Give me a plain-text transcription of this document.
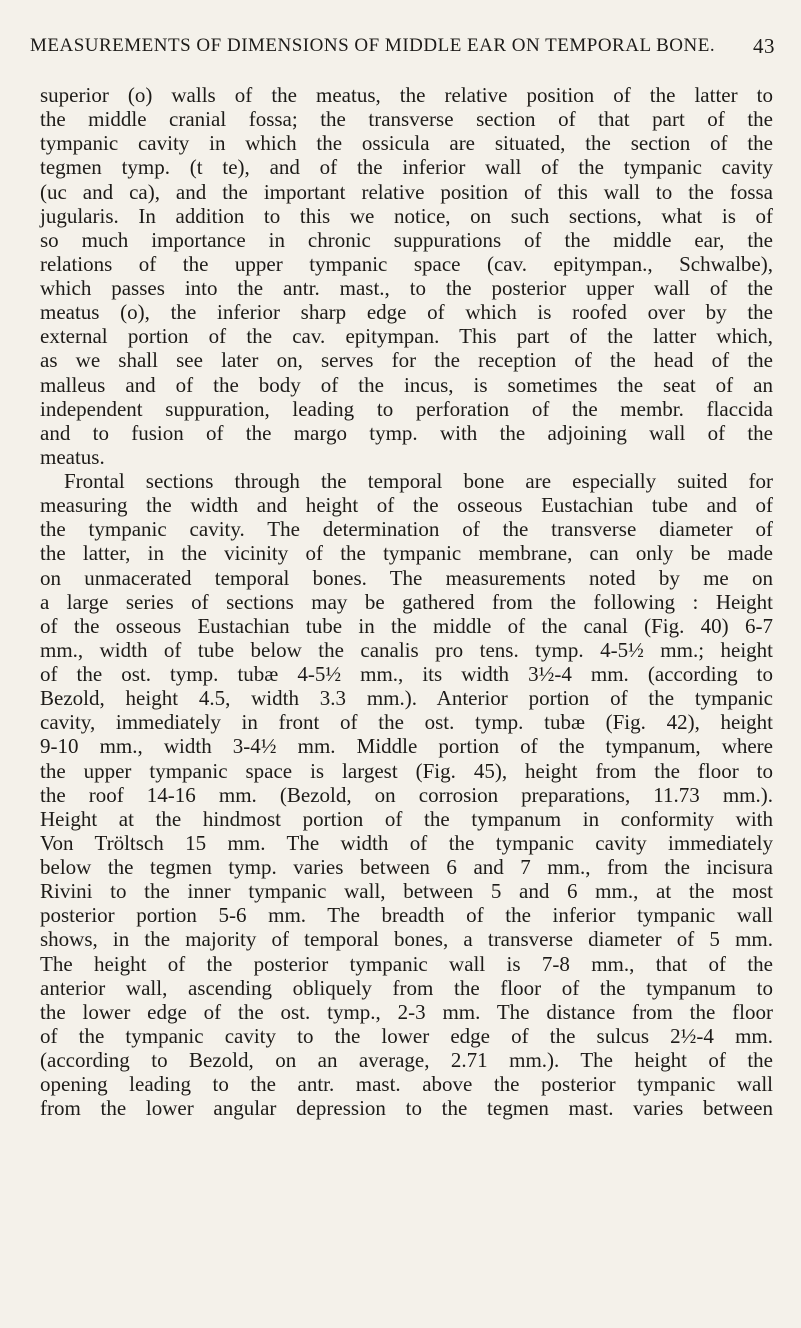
MEASUREMENTS OF DIMENSIONS OF MIDDLE EAR ON TEMPORAL BONE. 43
superior (o) walls of the meatus, the relative position of the latter to
the middle cranial fossa; the transverse section of that part of the
tympanic cavity in which the ossicula are situated, the section of the
tegmen tymp. (t te), and of the inferior wall of the tympanic cavity
(uc and ca), and the important relative position of this wall to the fossa
jugularis. In addition to this we notice, on such sections, what is of
so much importance in chronic suppurations of the middle ear, the
relations of the upper tympanic space (cav. epitympan., Schwalbe),
which passes into the antr. mast., to the posterior upper wall of the
meatus (o), the inferior sharp edge of which is roofed over by the
external portion of the cav. epitympan. This part of the latter which,
as we shall see later on, serves for the reception of the head of the
malleus and of the body of the incus, is sometimes the seat of an
independent suppuration, leading to perforation of the membr. flaccida
and to fusion of the margo tymp. with the adjoining wall of the
meatus.
Frontal sections through the temporal bone are especially suited for
measuring the width and height of the osseous Eustachian tube and of
the tympanic cavity. The determination of the transverse diameter of
the latter, in the vicinity of the tympanic membrane, can only be made
on unmacerated temporal bones. The measurements noted by me on
a large series of sections may be gathered from the following : Height
of the osseous Eustachian tube in the middle of the canal (Fig. 40) 6-7
mm., width of tube below the canalis pro tens. tymp. 4-5½ mm.; height
of the ost. tymp. tubæ 4-5½ mm., its width 3½-4 mm. (according to
Bezold, height 4.5, width 3.3 mm.). Anterior portion of the tympanic
cavity, immediately in front of the ost. tymp. tubæ (Fig. 42), height
9-10 mm., width 3-4½ mm. Middle portion of the tympanum, where
the upper tympanic space is largest (Fig. 45), height from the floor to
the roof 14-16 mm. (Bezold, on corrosion preparations, 11.73 mm.).
Height at the hindmost portion of the tympanum in conformity with
Von Tröltsch 15 mm. The width of the tympanic cavity immediately
below the tegmen tymp. varies between 6 and 7 mm., from the incisura
Rivini to the inner tympanic wall, between 5 and 6 mm., at the most
posterior portion 5-6 mm. The breadth of the inferior tympanic wall
shows, in the majority of temporal bones, a transverse diameter of 5 mm.
The height of the posterior tympanic wall is 7-8 mm., that of the
anterior wall, ascending obliquely from the floor of the tympanum to
the lower edge of the ost. tymp., 2-3 mm. The distance from the floor
of the tympanic cavity to the lower edge of the sulcus 2½-4 mm.
(according to Bezold, on an average, 2.71 mm.). The height of the
opening leading to the antr. mast. above the posterior tympanic wall
from the lower angular depression to the tegmen mast. varies between
